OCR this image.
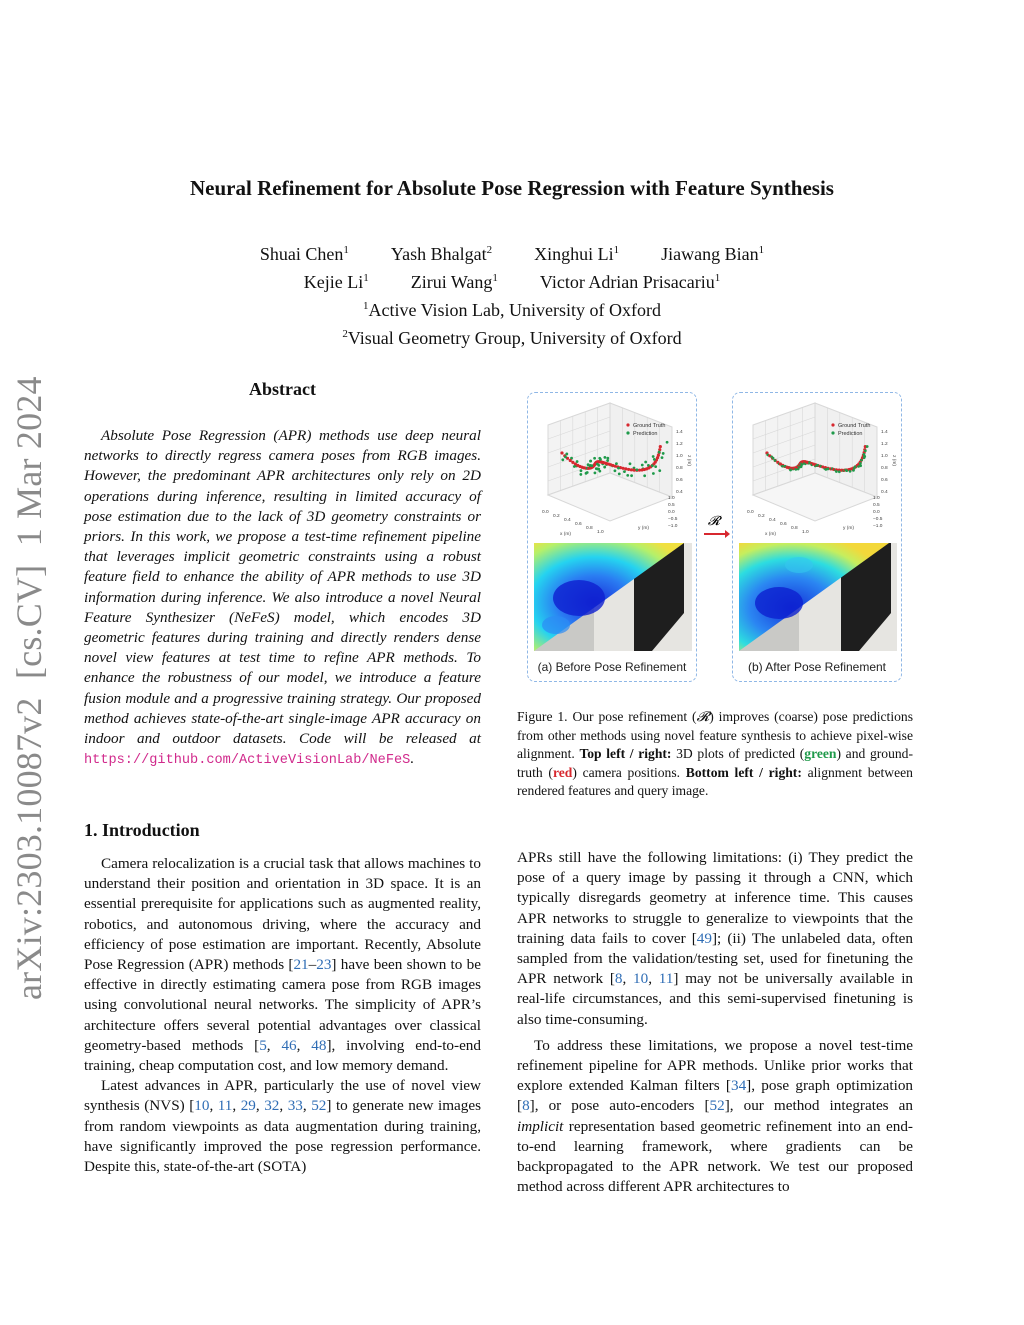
arXiv:2303.10087v2  [cs.CV]  1 Mar 2024
Neural Refinement for Absolute Pose Regression with Feature Synthesis
Shuai Chen$^1$ Yash Bhalgat$^2$ Xinghui Li$^1$ Jiawang Bian$^1$
Kejie Li$^1$ Zirui Wang$^1$ Victor Adrian Prisacariu$^1$
$^1$Active Vision Lab, University of Oxford
$^2$Visual Geometry Group, University of Oxford
Abstract
Absolute Pose Regression (APR) methods use deep neural networks to directly regress camera poses from RGB images. However, the predominant APR architectures only rely on 2D operations during inference, resulting in limited accuracy of pose estimation due to the lack of 3D geometry constraints or priors. In this work, we propose a test-time refinement pipeline that leverages implicit geometric constraints using a robust feature field to enhance the ability of APR methods to use 3D information during inference. We also introduce a novel Neural Feature Synthesizer (NeFeS) model, which encodes 3D geometric features during training and directly renders dense novel view features at test time to refine APR methods. To enhance the robustness of our model, we introduce a feature fusion module and a progressive training strategy. Our proposed method achieves state-of-the-art single-image APR accuracy on indoor and outdoor datasets. Code will be released at https://github.com/ActiveVisionLab/NeFeS.
1. Introduction
Camera relocalization is a crucial task that allows machines to understand their position and orientation in 3D space. It is an essential prerequisite for applications such as augmented reality, robotics, and autonomous driving, where the accuracy and efficiency of pose estimation are important. Recently, Absolute Pose Regression (APR) methods [21–23] have been shown to be effective in directly estimating camera pose from RGB images using convolutional neural networks. The simplicity of APR’s architecture offers several potential advantages over classical geometry-based methods [5, 46, 48], involving end-to-end training, cheap computation cost, and low memory demand.
Latest advances in APR, particularly the use of novel view synthesis (NVS) [10, 11, 29, 32, 33, 52] to generate new images from random viewpoints as data augmentation during training, have significantly improved the pose regression performance. Despite this, state-of-the-art (SOTA)
APRs still have the following limitations: (i) They predict the pose of a query image by passing it through a CNN, which typically disregards geometry at inference time. This causes APR networks to struggle to generalize to viewpoints that the training data fails to cover [49]; (ii) The unlabeled data, often sampled from the validation/testing set, used for finetuning the APR network [8, 10, 11] may not be universally available in real-life circumstances, and this semi-supervised finetuning is also time-consuming.
To address these limitations, we propose a novel test-time refinement pipeline for APR methods. Unlike prior works that explore extended Kalman filters [34], pose graph optimization [8], or pose auto-encoders [52], our method integrates an implicit representation based geometric refinement into an end-to-end learning framework, where gradients can be backpropagated to the APR network. We test our proposed method across different APR architectures to
Ground Truth
Prediction	1.4
1.2
1.0
0.8
0.6
0.4
z (m)
0.0
0.2
0.4
0.6
0.8
1.0
x (m)
1.0
0.5
0.0
−0.5
−1.0
y (m)
(a) Before Pose Refinement
𝓡
Ground Truth
Prediction	1.4
1.2
1.0
0.8
0.6
0.4
z (m)
0.0
0.2
0.4
0.6
0.8
1.0
x (m)
1.0
0.5
0.0
−0.5
−1.0
y (m)
(b) After Pose Refinement
Figure 1. Our pose refinement (𝓡) improves (coarse) pose predictions from other methods using novel feature synthesis to achieve pixel-wise alignment. Top left / right: 3D plots of predicted (green) and ground-truth (red) camera positions. Bottom left / right: alignment between rendered features and query image.
